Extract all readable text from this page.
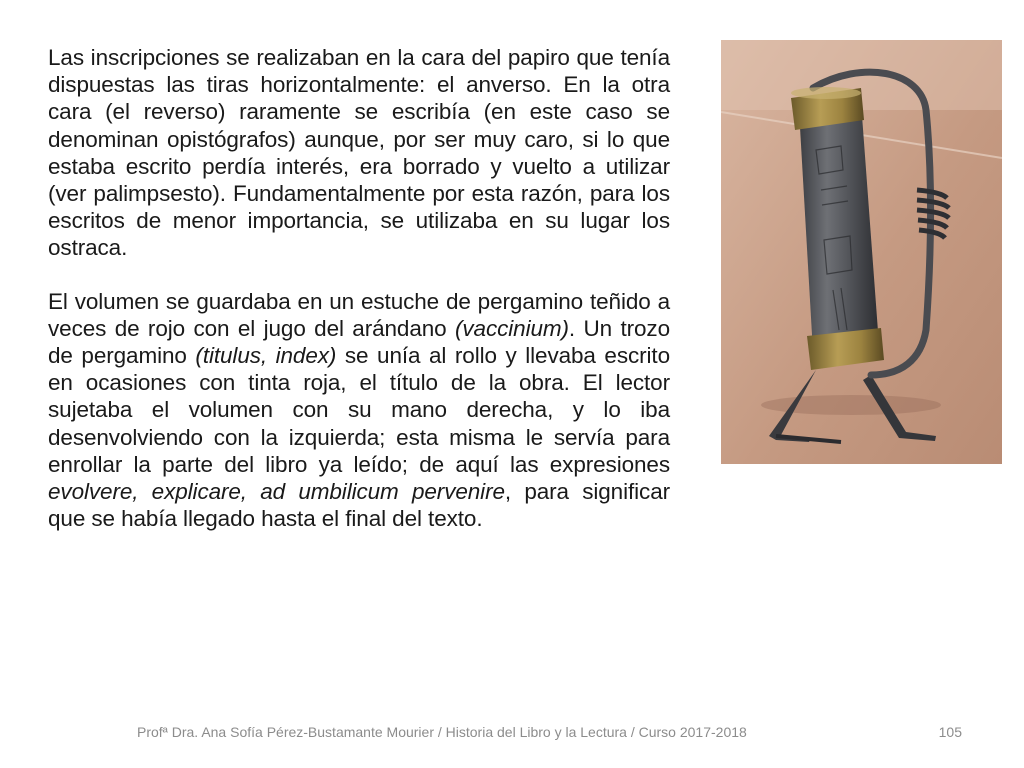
Las inscripciones se realizaban en la cara del papiro que tenía dispuestas las tiras horizontalmente: el anverso. En la otra cara (el reverso) raramente se escribía (en este caso se denominan opistógrafos) aunque, por ser muy caro, si lo que estaba escrito perdía interés, era borrado y vuelto a utilizar (ver palimpsesto). Fundamentalmente por esta razón, para los escritos de menor importancia, se utilizaba en su lugar los ostraca.

El volumen se guardaba en un estuche de pergamino teñido a veces de rojo con el jugo del arándano (vaccinium). Un trozo de pergamino (titulus, index) se unía al rollo y llevaba escrito en ocasiones con tinta roja, el título de la obra. El lector sujetaba el volumen con su mano derecha, y lo iba desenvolviendo con la izquierda; esta misma le servía para enrollar la parte del libro ya leído; de aquí las expresiones evolvere, explicare, ad umbilicum pervenire, para significar que se había llegado hasta el final del texto.

Profª Dra. Ana Sofía Pérez-Bustamante Mourier / Historia del Libro y la Lectura / Curso 2017-2018	105
